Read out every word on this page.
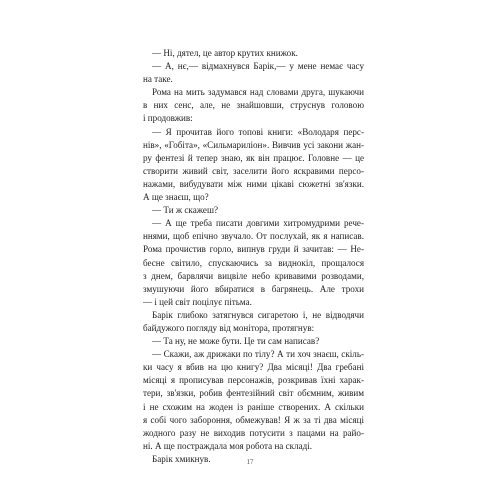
— Ні, дятел, це автор крутих книжок.
— А, нє,— відмахнувся Барік,— у мене немає часу
на таке.
Рома на мить задумався над словами друга, шукаючи
в них сенс, але, не знайшовши, струснув головою
і продовжив:
— Я прочитав його топові книги: «Володаря перс-
нів», «Гобіта», «Сильмариліон». Вивчив усі закони жан-
ру фентезі й тепер знаю, як він працює. Головне — це
створити живий світ, заселити його яскравими персо-
нажами, вибудувати між ними цікаві сюжетні зв'язки.
А ще знаєш, що?
— Ти ж скажеш?
— А ще треба писати довгими хитромудрими рече-
ннями, щоб епічно звучало. От послухай, як я написав.
Рома прочистив горло, випнув груди й зачитав: — Не-
бесне світило, спускаючись за виднокіл, прощалося
з днем, барвлячи вицвіле небо кривавими розводами,
змушуючи його вбиратися в багрянець. Але трохи
— і цей світ поцілує пітьма.
Барік глибоко затягнувся сигаретою і, не відводячи
байдужого погляду від монітора, протягнув:
— Та ну, не може бути. Це ти сам написав?
— Скажи, аж дрижаки по тілу? А ти хоч знаєш, скіль-
ки часу я вбив на цю книгу? Два місяці! Два гребані
місяці я прописував персонажів, розкривав їхні харак-
тери, зв'язки, робив фентезійний світ обємним, живим
і не схожим на жоден із раніше створених. А скільки
я собі чого забороння, обмежував! Я ж за ті два місяці
жодного разу не виходив потусити з пацами на райо-
ні. А ще постраждала моя робота на складі.
Барік хмикнув.	17
